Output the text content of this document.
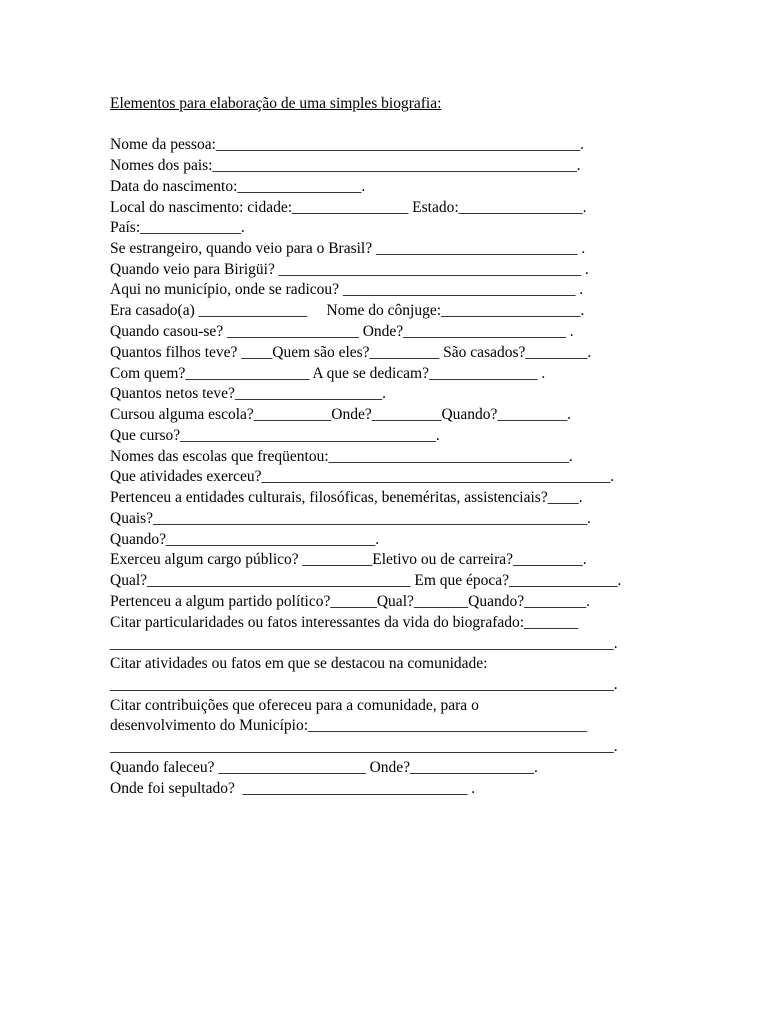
Elementos para elaboração de uma simples biografia:
Nome da pessoa:_______________________________________________.
Nomes dos pais:_______________________________________________.
Data do nascimento:________________.
Local do nascimento: cidade:_______________ Estado:________________.
País:_____________.
Se estrangeiro, quando veio para o Brasil? __________________________ .
Quando veio para Birigüi? _______________________________________ .
Aqui no município, onde se radicou? ______________________________ .
Era casado(a) ______________     Nome do cônjuge:__________________.
Quando casou-se? _________________ Onde?_____________________ .
Quantos filhos teve? ____Quem são eles?_________ São casados?________.
Com quem?________________ A que se dedicam?______________ .
Quantos netos teve?___________________.
Cursou alguma escola?__________Onde?_________Quando?_________.
Que curso?_________________________________.
Nomes das escolas que freqüentou:_______________________________.
Que atividades exerceu?_____________________________________________.
Pertenceu a entidades culturais, filosóficas, beneméritas, assistenciais?____.
Quais?________________________________________________________.
Quando?___________________________.
Exerceu algum cargo público? _________Eletivo ou de carreira?_________.
Qual?__________________________________ Em que época?______________.
Pertenceu a algum partido político?______Qual?_______Quando?________.
Citar particularidades ou fatos interessantes da vida do biografado:_______
_________________________________________________________________.
Citar atividades ou fatos em que se destacou na comunidade:
_________________________________________________________________.
Citar contribuições que ofereceu para a comunidade, para o
desenvolvimento do Município:____________________________________
_________________________________________________________________.
Quando faleceu? ___________________ Onde?________________.
Onde foi sepultado?  _____________________________ .
